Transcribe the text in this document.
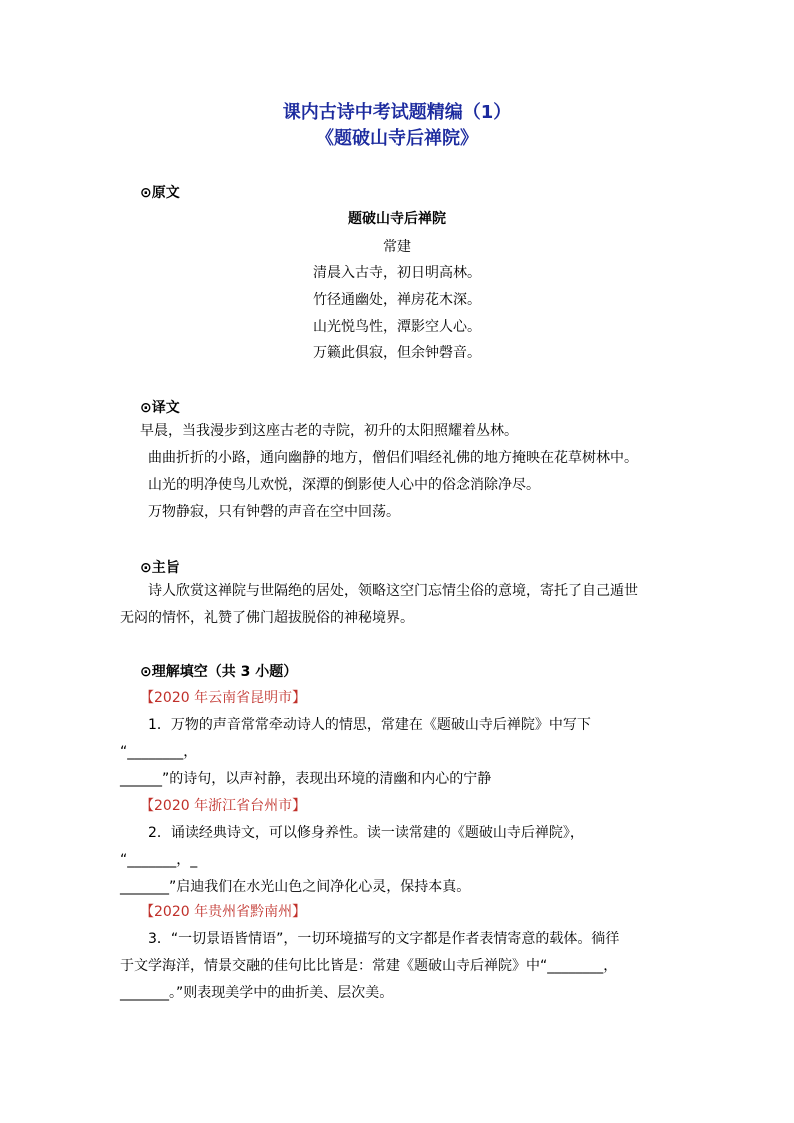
课内古诗中考试题精编（1）
《题破山寺后禅院》
⊙原文
题破山寺后禅院
常建
清晨入古寺，初日明高林。
竹径通幽处，禅房花木深。
山光悦鸟性，潭影空人心。
万籁此俱寂，但余钟磬音。
⊙译文
早晨，当我漫步到这座古老的寺院，初升的太阳照耀着丛林。
曲曲折折的小路，通向幽静的地方，僧侣们唱经礼佛的地方掩映在花草树林中。
山光的明净使鸟儿欢悦，深潭的倒影使人心中的俗念消除净尽。
万物静寂，只有钟磬的声音在空中回荡。
⊙主旨
诗人欣赏这禅院与世隔绝的居处，领略这空门忘情尘俗的意境，寄托了自己遁世
无闷的情怀，礼赞了佛门超拔脱俗的神秘境界。
⊙理解填空（共 3 小题）
【2020 年云南省昆明市】
1．万物的声音常常牵动诗人的情思，常建在《题破山寺后禅院》中写下
“________，
______”的诗句，以声衬静，表现出环境的清幽和内心的宁静
【2020 年浙江省台州市】
2．诵读经典诗文，可以修身养性。读一读常建的《题破山寺后禅院》，
“_______，_
_______”启迪我们在水光山色之间净化心灵，保持本真。
【2020 年贵州省黔南州】
3．“一切景语皆情语”，一切环境描写的文字都是作者表情寄意的载体。徜徉
于文学海洋，情景交融的佳句比比皆是：常建《题破山寺后禅院》中“________，
_______。”则表现美学中的曲折美、层次美。
